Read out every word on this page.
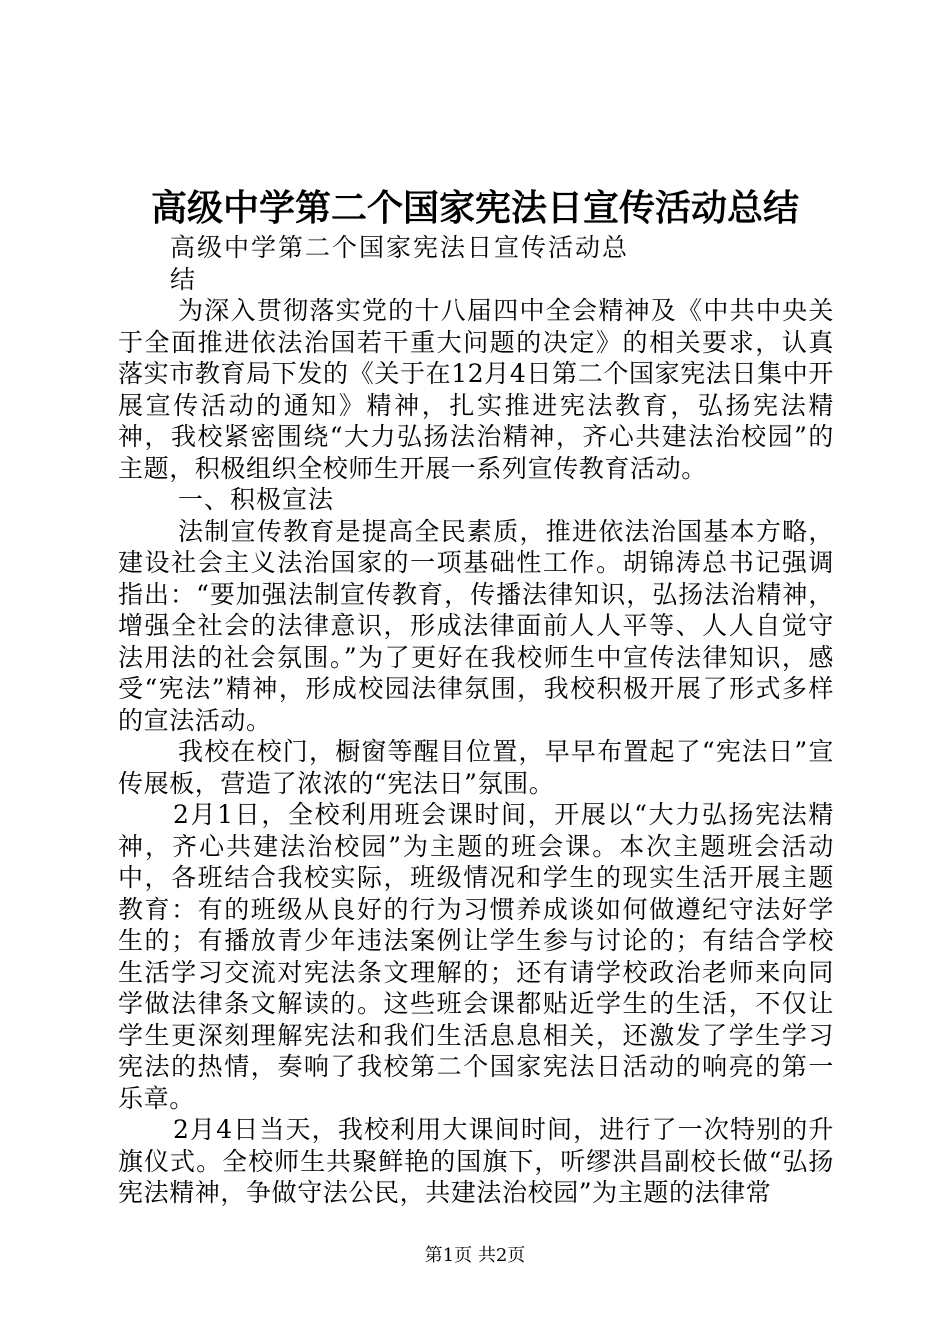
高级中学第二个国家宪法日宣传活动总结

高级中学第二个国家宪法日宣传活动总结

为深入贯彻落实党的十八届四中全会精神及《中共中央关于全面推进依法治国若干重大问题的决定》的相关要求，认真落实市教育局下发的《关于在12月4日第二个国家宪法日集中开展宣传活动的通知》精神，扎实推进宪法教育，弘扬宪法精神，我校紧密围绕“大力弘扬法治精神，齐心共建法治校园”的主题，积极组织全校师生开展一系列宣传教育活动。

一、积极宣法

法制宣传教育是提高全民素质，推进依法治国基本方略，建设社会主义法治国家的一项基础性工作。胡锦涛总书记强调指出：“要加强法制宣传教育，传播法律知识，弘扬法治精神，增强全社会的法律意识，形成法律面前人人平等、人人自觉守法用法的社会氛围。”为了更好在我校师生中宣传法律知识，感受“宪法”精神，形成校园法律氛围，我校积极开展了形式多样的宣法活动。

我校在校门，橱窗等醒目位置，早早布置起了“宪法日”宣传展板，营造了浓浓的“宪法日”氛围。

2月1日，全校利用班会课时间，开展以“大力弘扬宪法精神，齐心共建法治校园”为主题的班会课。本次主题班会活动中，各班结合我校实际，班级情况和学生的现实生活开展主题教育：有的班级从良好的行为习惯养成谈如何做遵纪守法好学生的；有播放青少年违法案例让学生参与讨论的；有结合学校生活学习交流对宪法条文理解的；还有请学校政治老师来向同学做法律条文解读的。这些班会课都贴近学生的生活，不仅让学生更深刻理解宪法和我们生活息息相关，还激发了学生学习宪法的热情，奏响了我校第二个国家宪法日活动的响亮的第一乐章。

2月4日当天，我校利用大课间时间，进行了一次特别的升旗仪式。全校师生共聚鲜艳的国旗下，听缪洪昌副校长做“弘扬宪法精神，争做守法公民，共建法治校园”为主题的法律常

第1页 共2页
